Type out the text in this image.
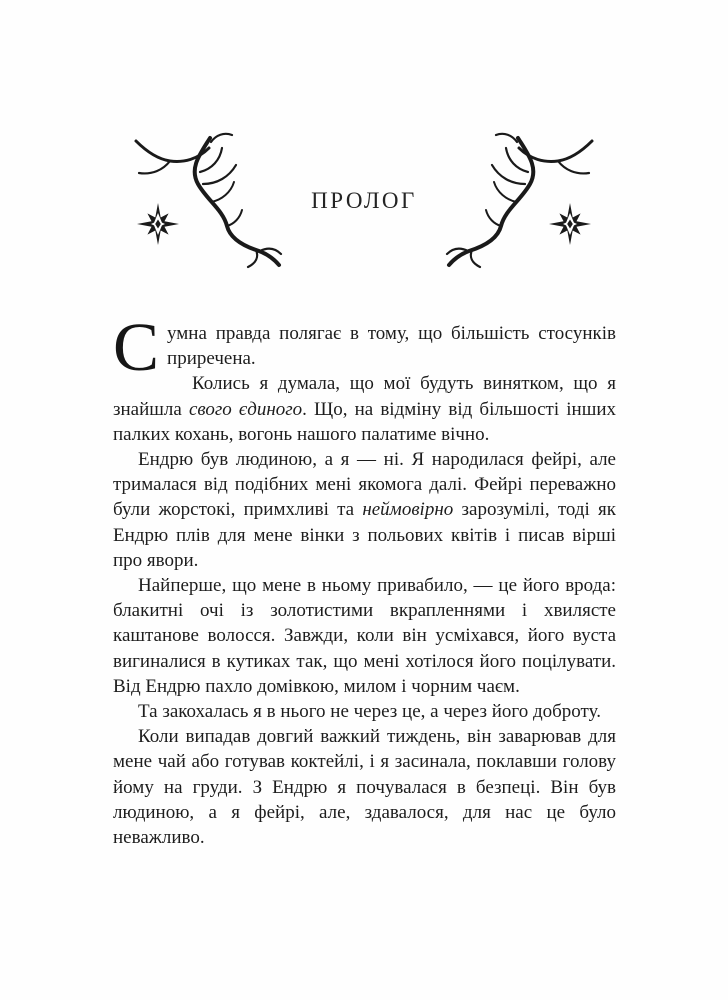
ПРОЛОГ

Сумна правда полягає в тому, що більшість стосунків приречена.

Колись я думала, що мої будуть винятком, що я знайшла свого єдиного. Що, на відміну від більшості інших палких кохань, вогонь нашого палатиме вічно.

Ендрю був людиною, а я — ні. Я народилася фейрі, але трималася від подібних мені якомога далі. Фейрі переважно були жорстокі, примхливі та неймовірно зарозумілі, тоді як Ендрю плів для мене вінки з польових квітів і писав вірші про явори.

Найперше, що мене в ньому привабило, — це його врода: блакитні очі із золотистими вкрапленнями і хвилясте каштанове волосся. Завжди, коли він усміхався, його вуста вигиналися в кутиках так, що мені хотілося його поцілувати. Від Ендрю пахло домівкою, милом і чорним чаєм.

Та закохалась я в нього не через це, а через його доброту.

Коли випадав довгий важкий тиждень, він заварював для мене чай або готував коктейлі, і я засинала, поклавши голову йому на груди. З Ендрю я почувалася в безпеці. Він був людиною, а я фейрі, але, здавалося, для нас це було неважливо.
